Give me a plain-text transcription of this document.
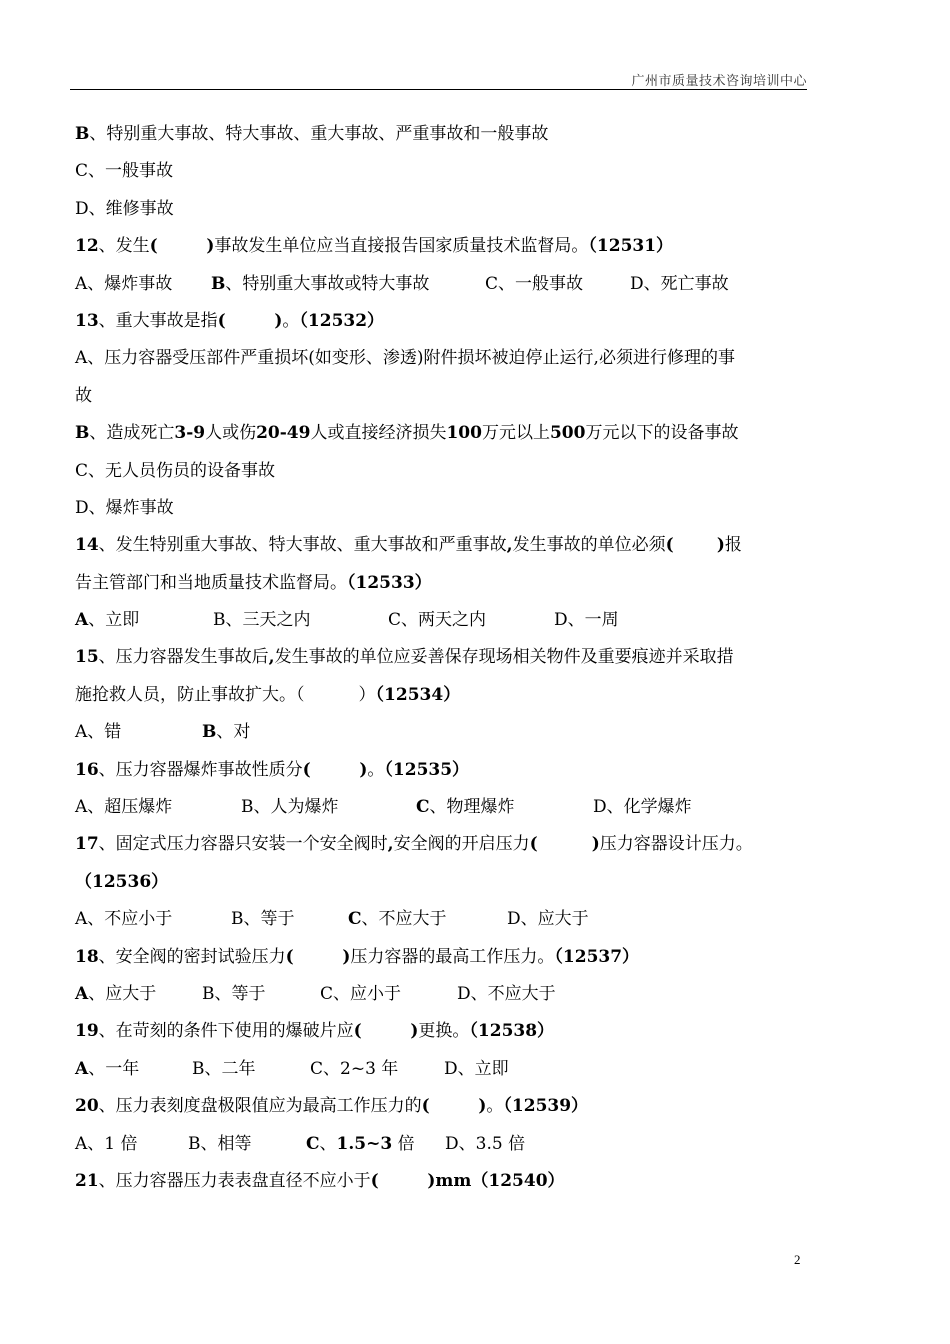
广州市质量技术咨询培训中心
B、特别重大事故、特大事故、重大事故、严重事故和一般事故
C、一般事故
D、维修事故
12、发生(	)事故发生单位应当直接报告国家质量技术监督局。（12531）
A、爆炸事故 B、特别重大事故或特大事故	C、一般事故	D、死亡事故
13、重大事故是指(	)。（12532）
A、压力容器受压部件严重损坏(如变形、渗透)附件损坏被迫停止运行,必须进行修理的事
故
B、造成死亡3-9人或伤20-49人或直接经济损失100万元以上500万元以下的设备事故
C、无人员伤员的设备事故
D、爆炸事故
14、发生特别重大事故、特大事故、重大事故和严重事故,发生事故的单位必须(	)报
告主管部门和当地质量技术监督局。（12533）
A、立即	B、三天之内	C、两天之内	D、一周
15、压力容器发生事故后,发生事故的单位应妥善保存现场相关物件及重要痕迹并采取措
施抢救人员，防止事故扩大。（          ）（12534）
A、错	B、对
16、压力容器爆炸事故性质分(	)。（12535）
A、超压爆炸	B、人为爆炸	C、物理爆炸	D、化学爆炸
17、固定式压力容器只安装一个安全阀时,安全阀的开启压力(	)压力容器设计压力。
（12536）
A、不应小于	B、等于	C、不应大于	D、应大于
18、安全阀的密封试验压力(	)压力容器的最高工作压力。（12537）
A、应大于	B、等于	C、应小于	D、不应大于
19、在苛刻的条件下使用的爆破片应(	)更换。（12538）
A、一年	B、二年	C、2~3 年	D、立即
20、压力表刻度盘极限值应为最高工作压力的(	)。（12539）
A、1 倍	B、相等	C、1.5~3 倍 D、3.5 倍
21、压力容器压力表表盘直径不应小于(	)mm（12540）
2
